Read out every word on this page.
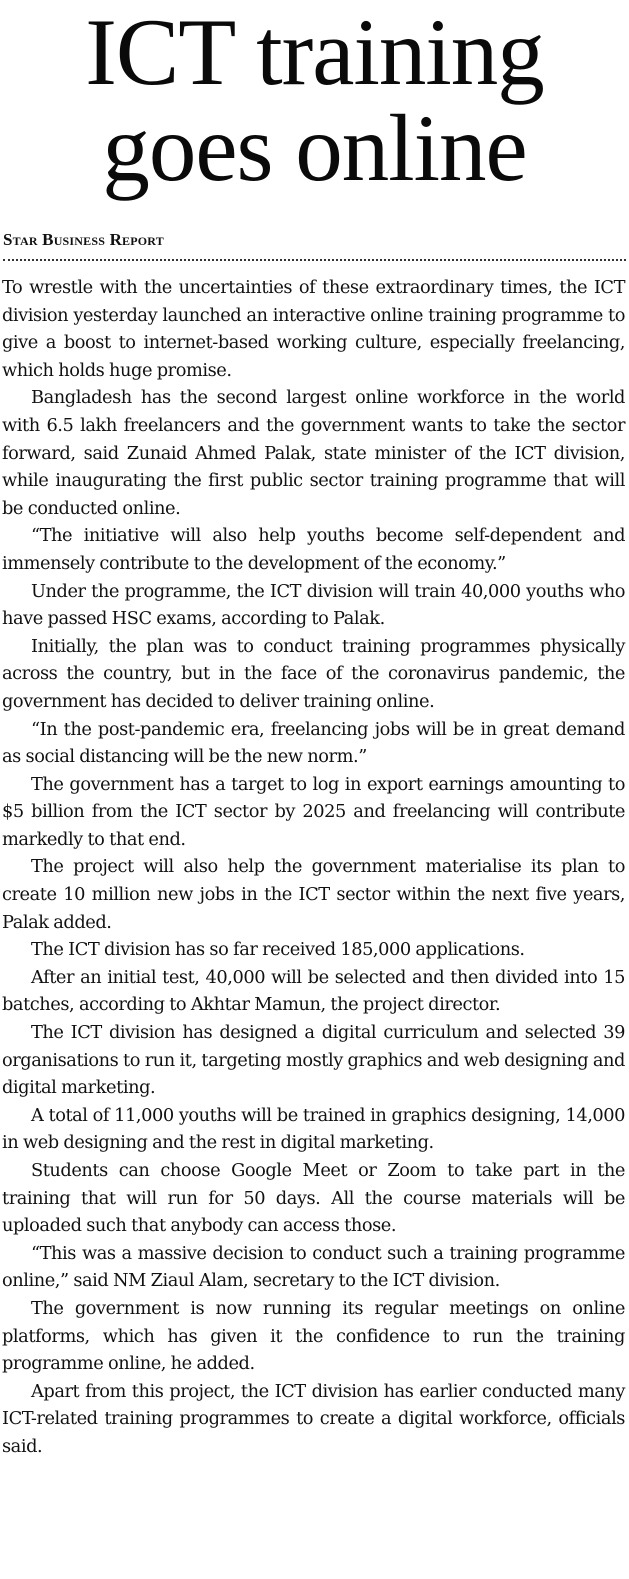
ICT training
goes online
Star Business Report

To wrestle with the uncertainties of these extraordinary times, the ICT division yesterday launched an interactive online training programme to give a boost to internet-based working culture, especially freelancing, which holds huge promise.

Bangladesh has the second largest online workforce in the world with 6.5 lakh freelancers and the government wants to take the sector forward, said Zunaid Ahmed Palak, state minister of the ICT division, while inaugurating the first public sector training programme that will be conducted online.

“The initiative will also help youths become self-dependent and immensely contribute to the development of the economy.”

Under the programme, the ICT division will train 40,000 youths who have passed HSC exams, according to Palak.

Initially, the plan was to conduct training programmes physically across the country, but in the face of the coronavirus pandemic, the government has decided to deliver training online.

“In the post-pandemic era, freelancing jobs will be in great demand as social distancing will be the new norm.”

The government has a target to log in export earnings amounting to $5 billion from the ICT sector by 2025 and freelancing will contribute markedly to that end.

The project will also help the government materialise its plan to create 10 million new jobs in the ICT sector within the next five years, Palak added.

The ICT division has so far received 185,000 applications.

After an initial test, 40,000 will be selected and then divided into 15 batches, according to Akhtar Mamun, the project director.

The ICT division has designed a digital curriculum and selected 39 organisations to run it, targeting mostly graphics and web designing and digital marketing.

A total of 11,000 youths will be trained in graphics designing, 14,000 in web designing and the rest in digital marketing.

Students can choose Google Meet or Zoom to take part in the training that will run for 50 days. All the course materials will be uploaded such that anybody can access those.

“This was a massive decision to conduct such a training programme online,” said NM Ziaul Alam, secretary to the ICT division.

The government is now running its regular meetings on online platforms, which has given it the confidence to run the training programme online, he added.

Apart from this project, the ICT division has earlier conducted many ICT-related training programmes to create a digital workforce, officials said.
